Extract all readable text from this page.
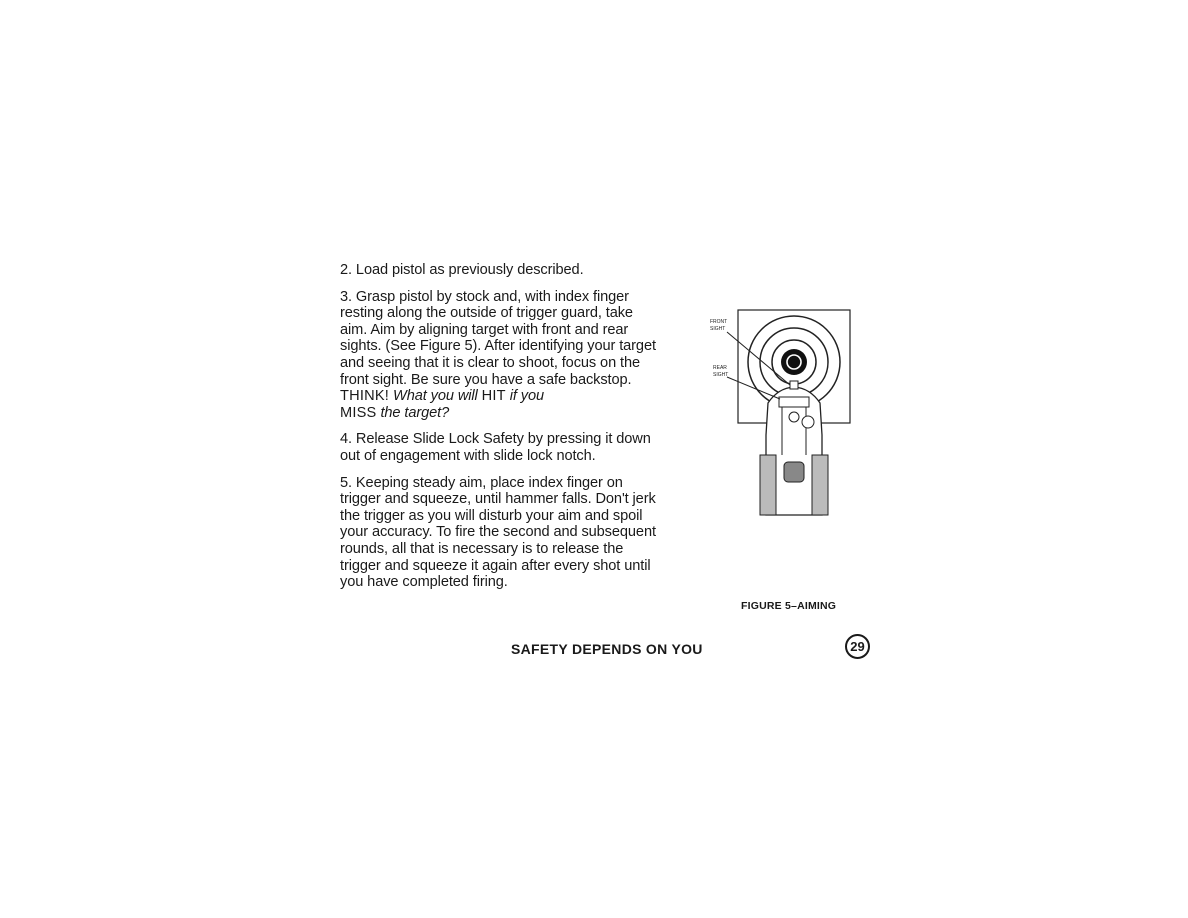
2. Load pistol as previously described.

3. Grasp pistol by stock and, with index finger resting along the outside of trigger guard, take aim. Aim by aligning target with front and rear sights. (See Figure 5). After identifying your target and seeing that it is clear to shoot, focus on the front sight. Be sure you have a safe backstop. THINK! What you will HIT if you
MISS the target?

4. Release Slide Lock Safety by pressing it down out of engagement with slide lock notch.

5. Keeping steady aim, place index finger on trigger and squeeze, until hammer falls. Don't jerk the trigger as you will disturb your aim and spoil your accuracy. To fire the second and subsequent rounds, all that is necessary is to release the trigger and squeeze it again after every shot until you have completed firing.

FRONT
SIGHT
REAR
SIGHT
FIGURE 5–AIMING
SAFETY DEPENDS ON YOU	29
